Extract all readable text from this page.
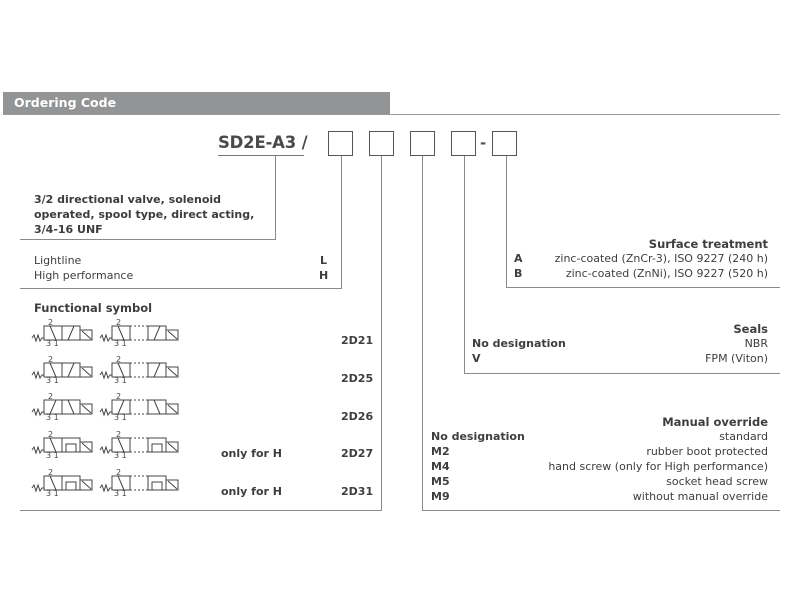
Ordering Code
SD2E-A3 /	-
3/2 directional valve, solenoid
operated, spool type, direct acting,
3/4-16 UNF
Lightline	L
High performance	H
Functional symbol
2
3 1
2
3 1
2
3 1
2
3 1
2
3 1
2
3 1
2
3 1
2
3 1
2
3 1
2
3 1
2D21
2D25
2D26
only for H	2D27
only for H	2D31
Surface treatment
A	zinc-coated (ZnCr-3), ISO 9227 (240 h)
B	zinc-coated (ZnNi), ISO 9227 (520 h)
Seals
No designation	NBR
V	FPM (Viton)
Manual override
No designation	standard
M2	rubber boot protected
M4	hand screw (only for High performance)
M5	socket head screw
M9	without manual override
